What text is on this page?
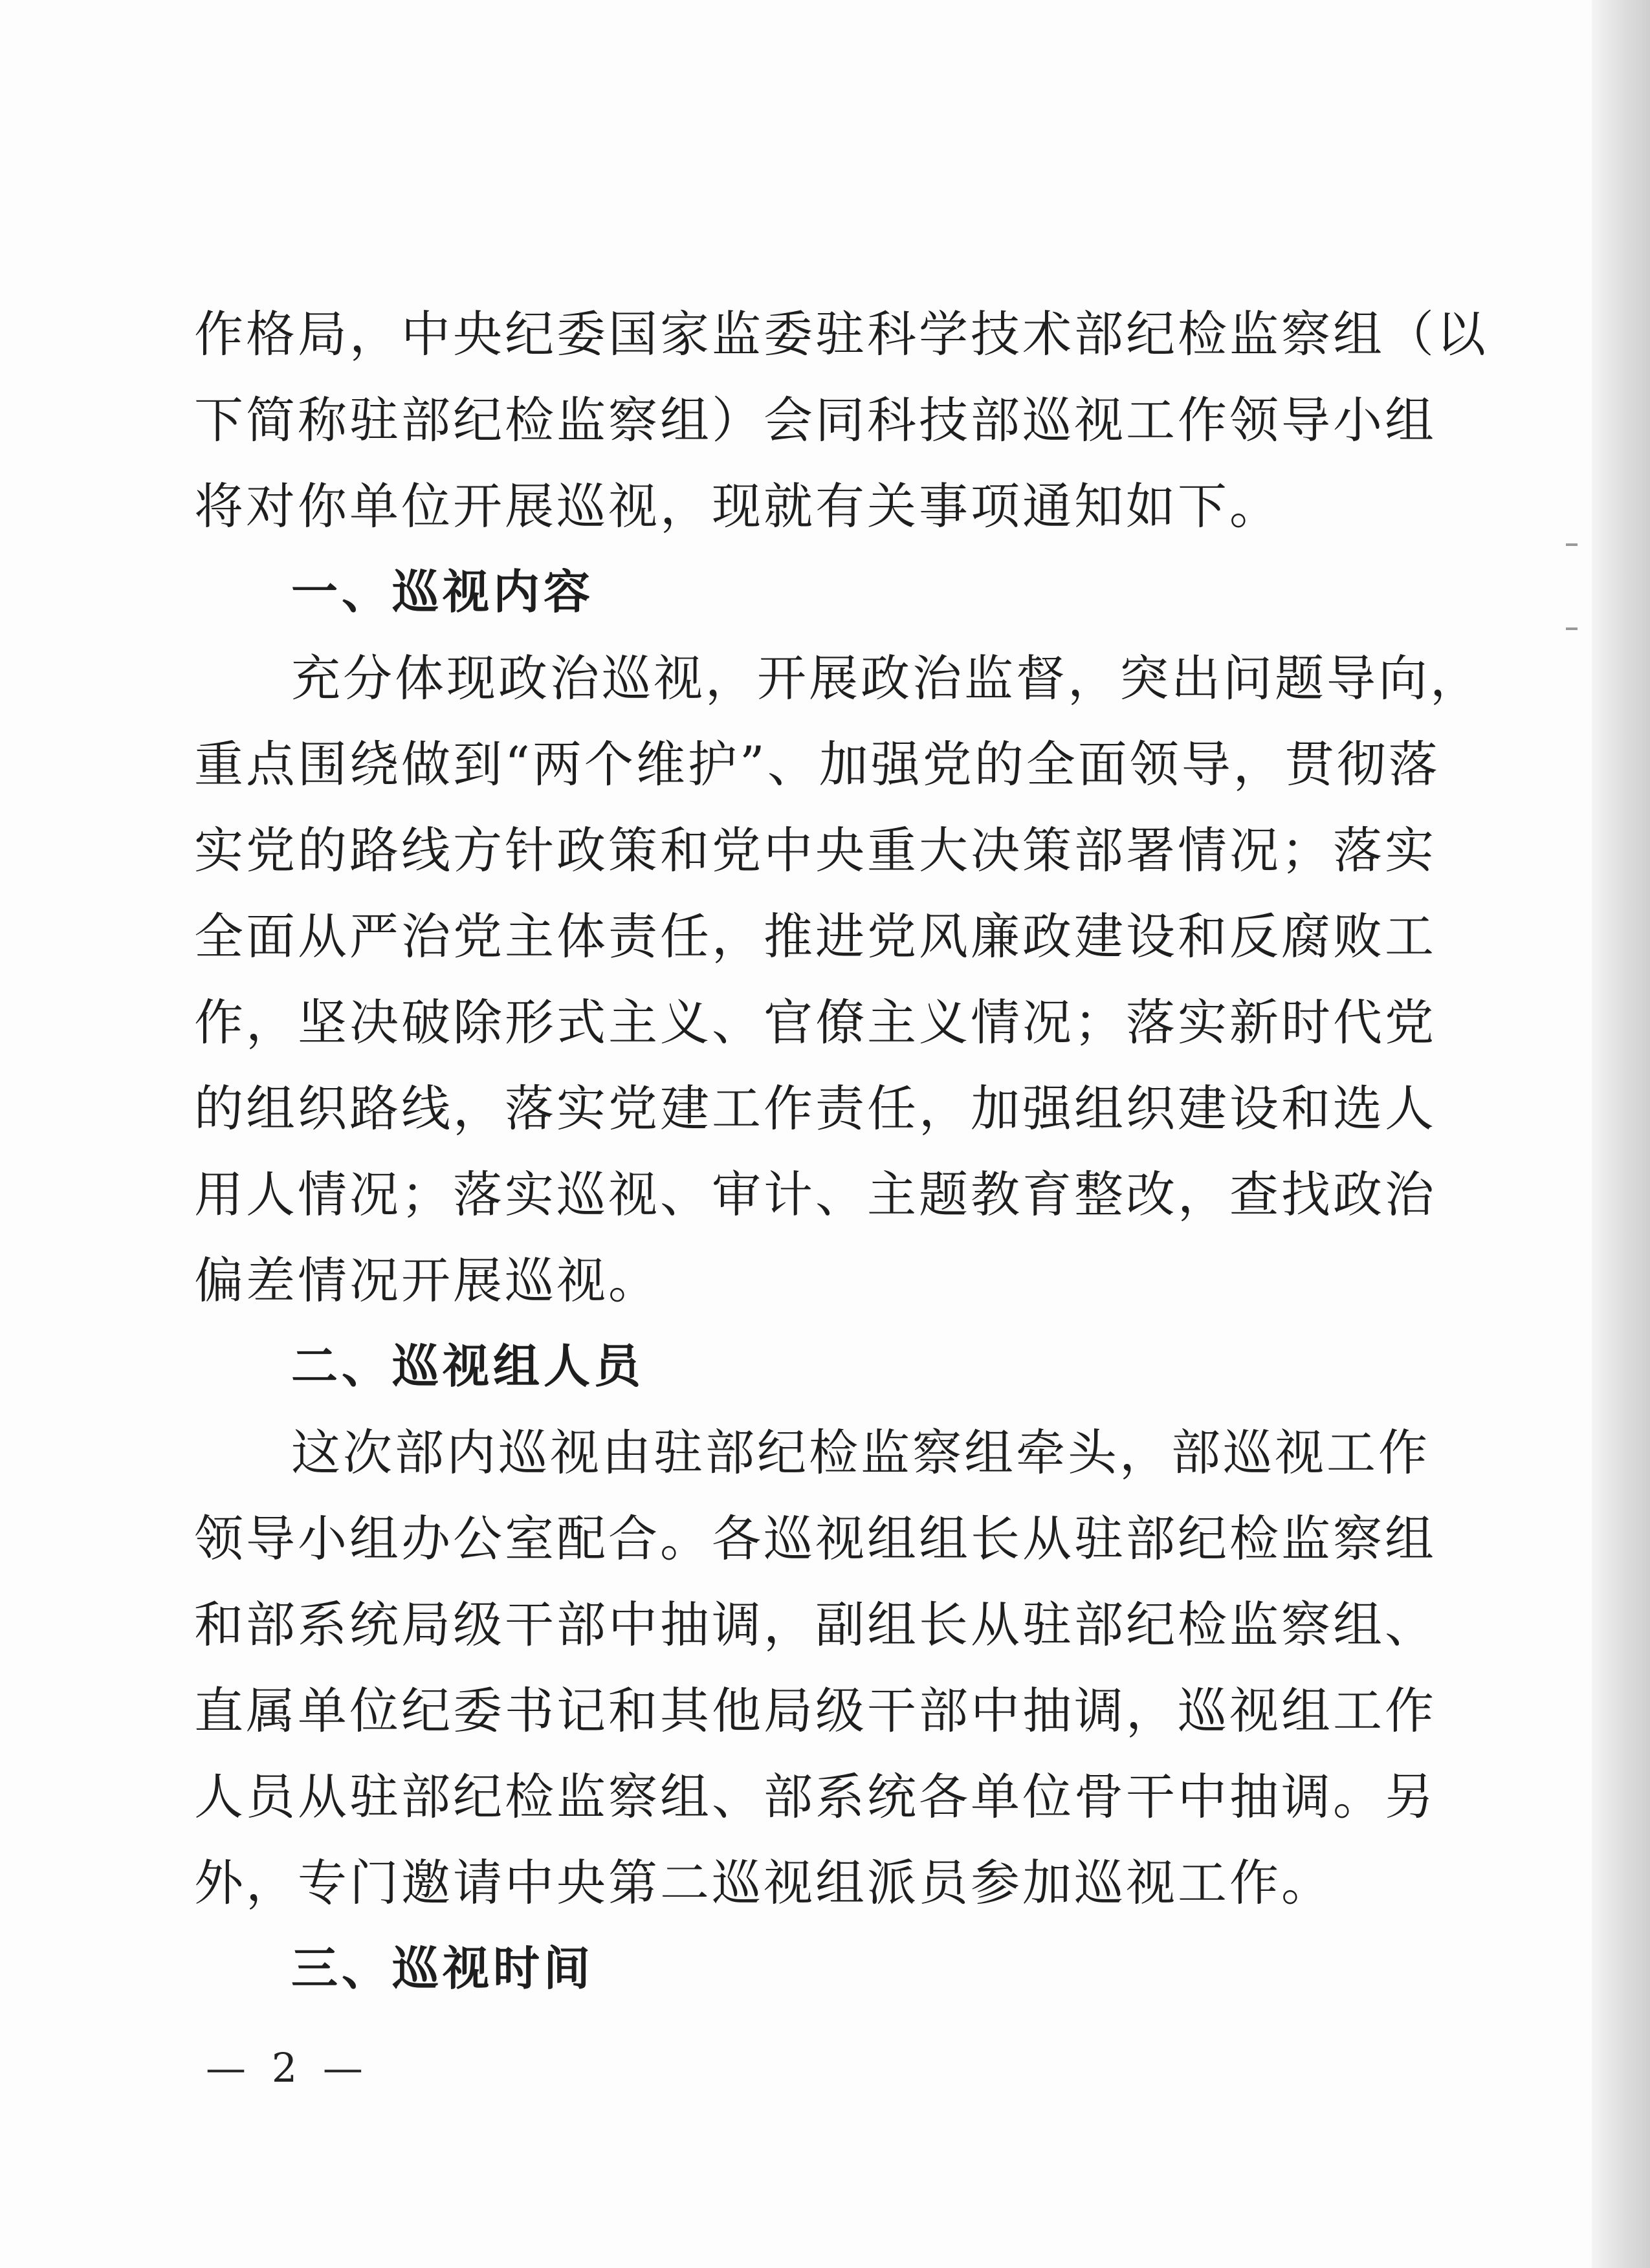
作格局，中央纪委国家监委驻科学技术部纪检监察组（以
下简称驻部纪检监察组）会同科技部巡视工作领导小组
将对你单位开展巡视，现就有关事项通知如下。
一、巡视内容
充分体现政治巡视，开展政治监督，突出问题导向，
重点围绕做到“两个维护”、加强党的全面领导，贯彻落
实党的路线方针政策和党中央重大决策部署情况；落实
全面从严治党主体责任，推进党风廉政建设和反腐败工
作，坚决破除形式主义、官僚主义情况；落实新时代党
的组织路线，落实党建工作责任，加强组织建设和选人
用人情况；落实巡视、审计、主题教育整改，查找政治
偏差情况开展巡视。
二、巡视组人员
这次部内巡视由驻部纪检监察组牵头，部巡视工作
领导小组办公室配合。各巡视组组长从驻部纪检监察组
和部系统局级干部中抽调，副组长从驻部纪检监察组、
直属单位纪委书记和其他局级干部中抽调，巡视组工作
人员从驻部纪检监察组、部系统各单位骨干中抽调。另
外，专门邀请中央第二巡视组派员参加巡视工作。
三、巡视时间
— 2 —
